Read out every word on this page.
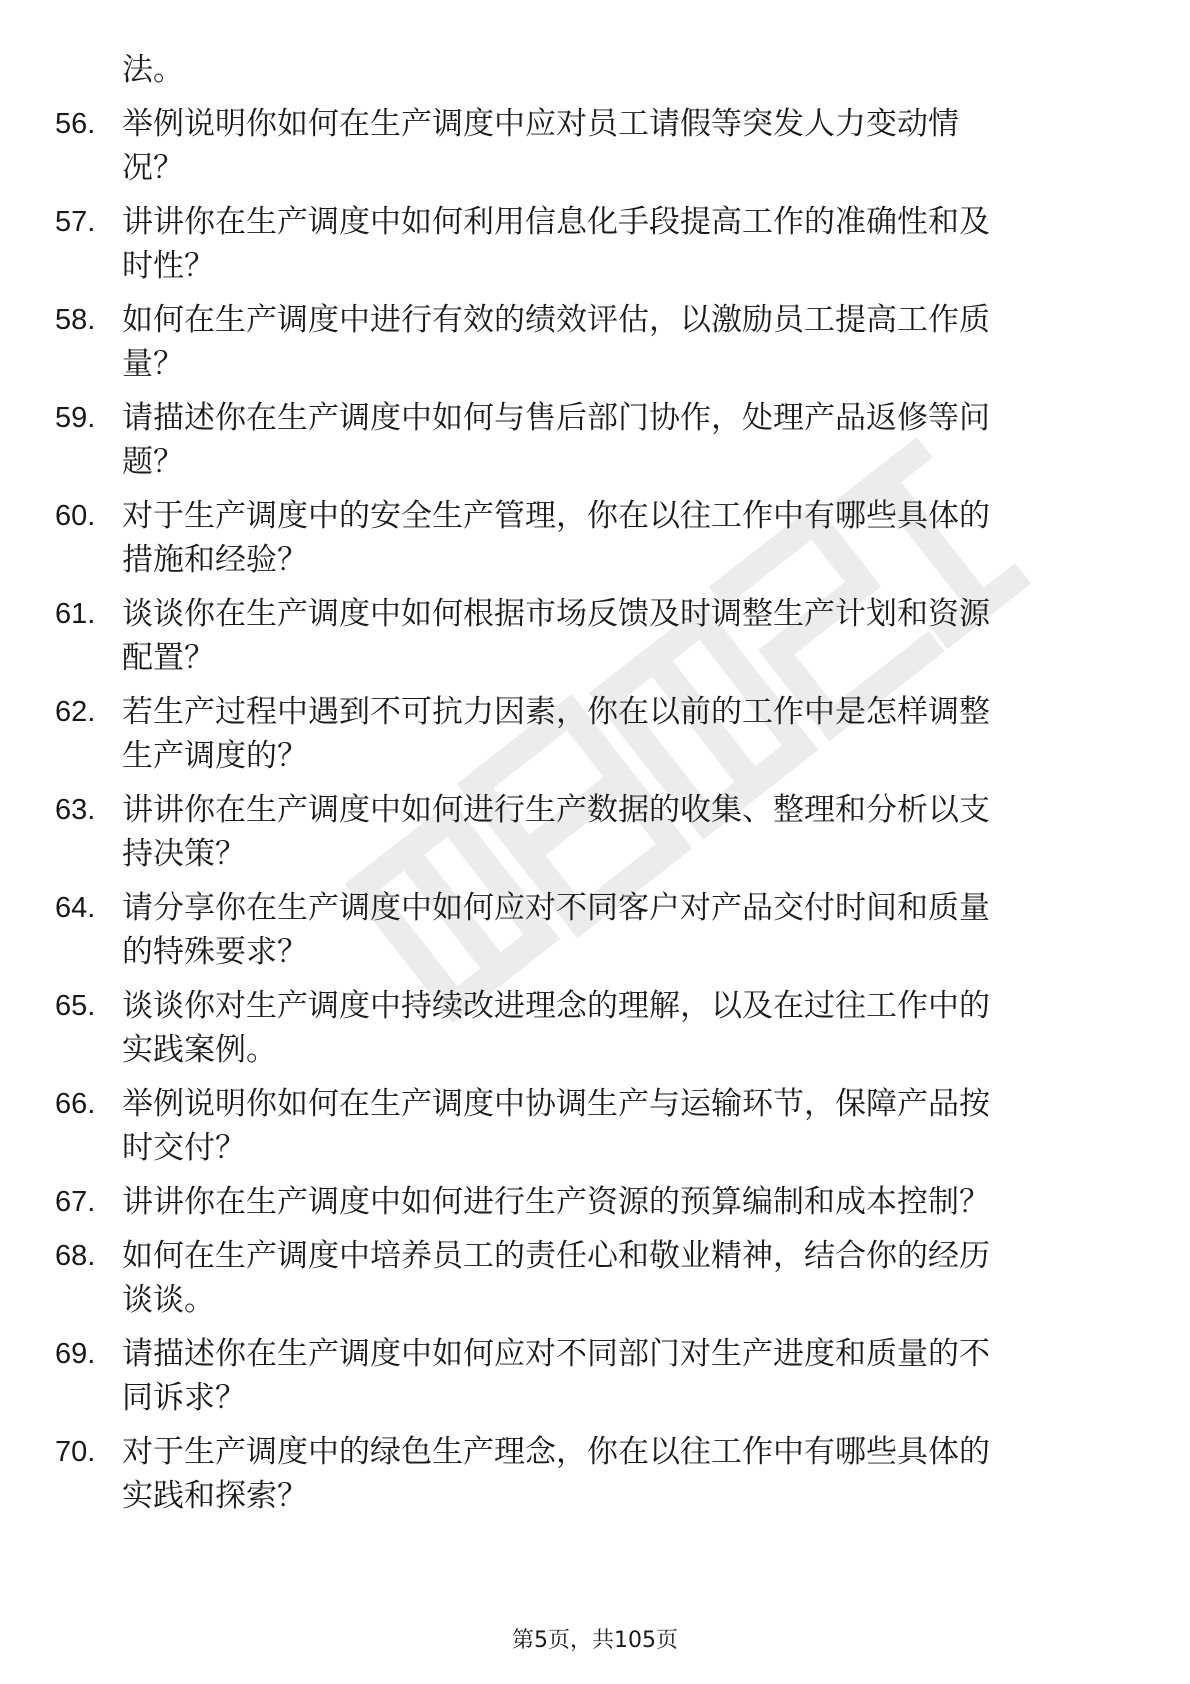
法。
56. 举例说明你如何在生产调度中应对员工请假等突发人力变动情
况？
57. 讲讲你在生产调度中如何利用信息化手段提高工作的准确性和及
时性？
58. 如何在生产调度中进行有效的绩效评估，以激励员工提高工作质
量？
59. 请描述你在生产调度中如何与售后部门协作，处理产品返修等问
题？
60. 对于生产调度中的安全生产管理，你在以往工作中有哪些具体的
措施和经验？
61. 谈谈你在生产调度中如何根据市场反馈及时调整生产计划和资源
配置？
62. 若生产过程中遇到不可抗力因素，你在以前的工作中是怎样调整
生产调度的？
63. 讲讲你在生产调度中如何进行生产数据的收集、整理和分析以支
持决策？
64. 请分享你在生产调度中如何应对不同客户对产品交付时间和质量
的特殊要求？
65. 谈谈你对生产调度中持续改进理念的理解，以及在过往工作中的
实践案例。
66. 举例说明你如何在生产调度中协调生产与运输环节，保障产品按
时交付？
67. 讲讲你在生产调度中如何进行生产资源的预算编制和成本控制？
68. 如何在生产调度中培养员工的责任心和敬业精神，结合你的经历
谈谈。
69. 请描述你在生产调度中如何应对不同部门对生产进度和质量的不
同诉求？
70. 对于生产调度中的绿色生产理念，你在以往工作中有哪些具体的
实践和探索？
第5页，共105页
